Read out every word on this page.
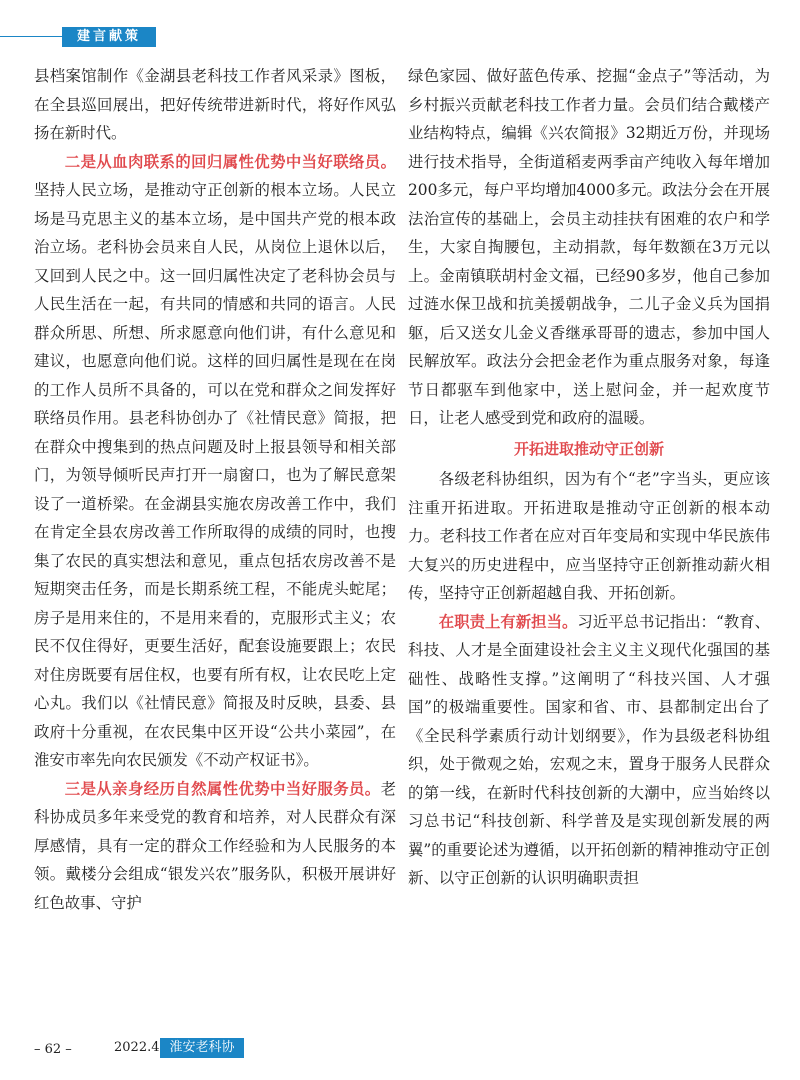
建言献策

县档案馆制作《金湖县老科技工作者风采录》图板，在全县巡回展出，把好传统带进新时代，将好作风弘扬在新时代。

二是从血肉联系的回归属性优势中当好联络员。坚持人民立场，是推动守正创新的根本立场。人民立场是马克思主义的基本立场，是中国共产党的根本政治立场。老科协会员来自人民，从岗位上退休以后，又回到人民之中。这一回归属性决定了老科协会员与人民生活在一起，有共同的情感和共同的语言。人民群众所思、所想、所求愿意向他们讲，有什么意见和建议，也愿意向他们说。这样的回归属性是现在在岗的工作人员所不具备的，可以在党和群众之间发挥好联络员作用。县老科协创办了《社情民意》简报，把在群众中搜集到的热点问题及时上报县领导和相关部门，为领导倾听民声打开一扇窗口，也为了解民意架设了一道桥梁。在金湖县实施农房改善工作中，我们在肯定全县农房改善工作所取得的成绩的同时，也搜集了农民的真实想法和意见，重点包括农房改善不是短期突击任务，而是长期系统工程，不能虎头蛇尾；房子是用来住的，不是用来看的，克服形式主义；农民不仅住得好，更要生活好，配套设施要跟上；农民对住房既要有居住权，也要有所有权，让农民吃上定心丸。我们以《社情民意》简报及时反映，县委、县政府十分重视，在农民集中区开设“公共小菜园”，在淮安市率先向农民颁发《不动产权证书》。

三是从亲身经历自然属性优势中当好服务员。老科协成员多年来受党的教育和培养，对人民群众有深厚感情，具有一定的群众工作经验和为人民服务的本领。戴楼分会组成“银发兴农”服务队，积极开展讲好红色故事、守护

绿色家园、做好蓝色传承、挖掘“金点子”等活动，为乡村振兴贡献老科技工作者力量。会员们结合戴楼产业结构特点，编辑《兴农简报》32期近万份，并现场进行技术指导，全街道稻麦两季亩产纯收入每年增加200多元，每户平均增加4000多元。政法分会在开展法治宣传的基础上，会员主动挂扶有困难的农户和学生，大家自掏腰包，主动捐款，每年数额在3万元以上。金南镇联胡村金文福，已经90多岁，他自己参加过涟水保卫战和抗美援朝战争，二儿子金义兵为国捐躯，后又送女儿金义香继承哥哥的遗志，参加中国人民解放军。政法分会把金老作为重点服务对象，每逢节日都驱车到他家中，送上慰问金，并一起欢度节日，让老人感受到党和政府的温暖。

开拓进取推动守正创新

各级老科协组织，因为有个“老”字当头，更应该注重开拓进取。开拓进取是推动守正创新的根本动力。老科技工作者在应对百年变局和实现中华民族伟大复兴的历史进程中，应当坚持守正创新推动薪火相传，坚持守正创新超越自我、开拓创新。

在职责上有新担当。习近平总书记指出：“教育、科技、人才是全面建设社会主义主义现代化强国的基础性、战略性支撑。”这阐明了“科技兴国、人才强国”的极端重要性。国家和省、市、县都制定出台了《全民科学素质行动计划纲要》，作为县级老科协组织，处于微观之始，宏观之末，置身于服务人民群众的第一线，在新时代科技创新的大潮中，应当始终以习总书记“科技创新、科学普及是实现创新发展的两翼”的重要论述为遵循，以开拓创新的精神推动守正创新、以守正创新的认识明确职责担

– 62 –	2022.4 淮安老科协
